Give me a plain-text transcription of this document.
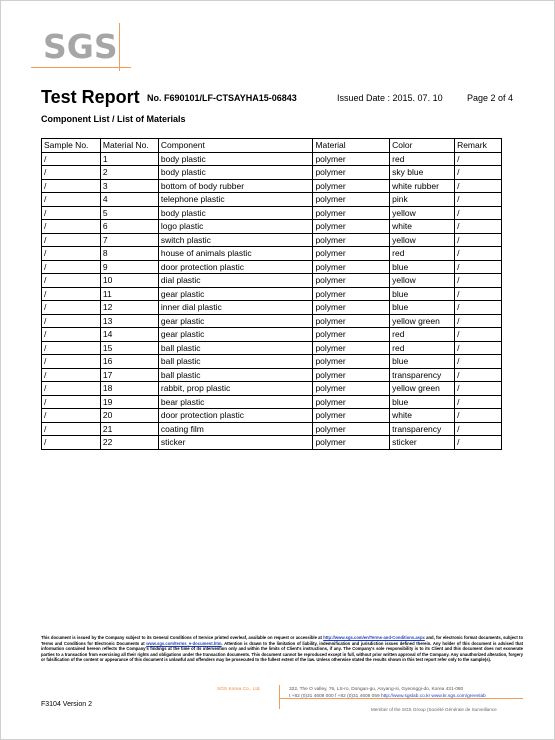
SGS
Test Report No. F690101/LF-CTSAYHA15-06843	Issued Date : 2015. 07. 10	Page 2 of 4
Component List / List of Materials
Sample No.	Material No.	Component	Material	Color	Remark
/	1	body plastic	polymer	red	/
/	2	body plastic	polymer	sky blue	/
/	3	bottom of body rubber	polymer	white rubber	/
/	4	telephone plastic	polymer	pink	/
/	5	body plastic	polymer	yellow	/
/	6	logo plastic	polymer	white	/
/	7	switch plastic	polymer	yellow	/
/	8	house of animals plastic	polymer	red	/
/	9	door protection plastic	polymer	blue	/
/	10	dial plastic	polymer	yellow	/
/	11	gear plastic	polymer	blue	/
/	12	inner dial plastic	polymer	blue	/
/	13	gear plastic	polymer	yellow green	/
/	14	gear plastic	polymer	red	/
/	15	ball plastic	polymer	red	/
/	16	ball plastic	polymer	blue	/
/	17	ball plastic	polymer	transparency	/
/	18	rabbit, prop plastic	polymer	yellow green	/
/	19	bear plastic	polymer	blue	/
/	20	door protection plastic	polymer	white	/
/	21	coating film	polymer	transparency	/
/	22	sticker	polymer	sticker	/
This document is issued by the Company subject to its General Conditions of Service printed overleaf, available on request or accessible at http://www.sgs.com/en/Terms-and-Conditions.aspx and, for electronic format documents, subject to Terms and Conditions for Electronic Documents at www.sgs.com/terms_e-document.htm. Attention is drawn to the limitation of liability, indemnification and jurisdiction issues defined therein. Any holder of this document is advised that information contained hereon reflects the Company's findings at the time of its intervention only and within the limits of Client's instructions, if any. The Company's sole responsibility is to its Client and this document does not exonerate parties to a transaction from exercising all their rights and obligations under the transaction documents. This document cannot be reproduced except in full, without prior written approval of the Company. Any unauthorized alteration, forgery or falsification of the content or appearance of this document is unlawful and offenders may be prosecuted to the fullest extent of the law. Unless otherwise stated the results shown in this test report refer only to the sample(s).
SGS Korea Co., Ltd.	322, The O valley, 76, LS-ro, Dongan-gu, Anyang-si, Gyeonggi-do, Korea 431-080
t +82 (0)31 4608 000 f +82 (0)31 4608 059 http://www.sgslab.co.kr www.kr.sgs.com/greenlab
F3104 Version 2
Member of the SGS Group (Société Générale de Surveillance
